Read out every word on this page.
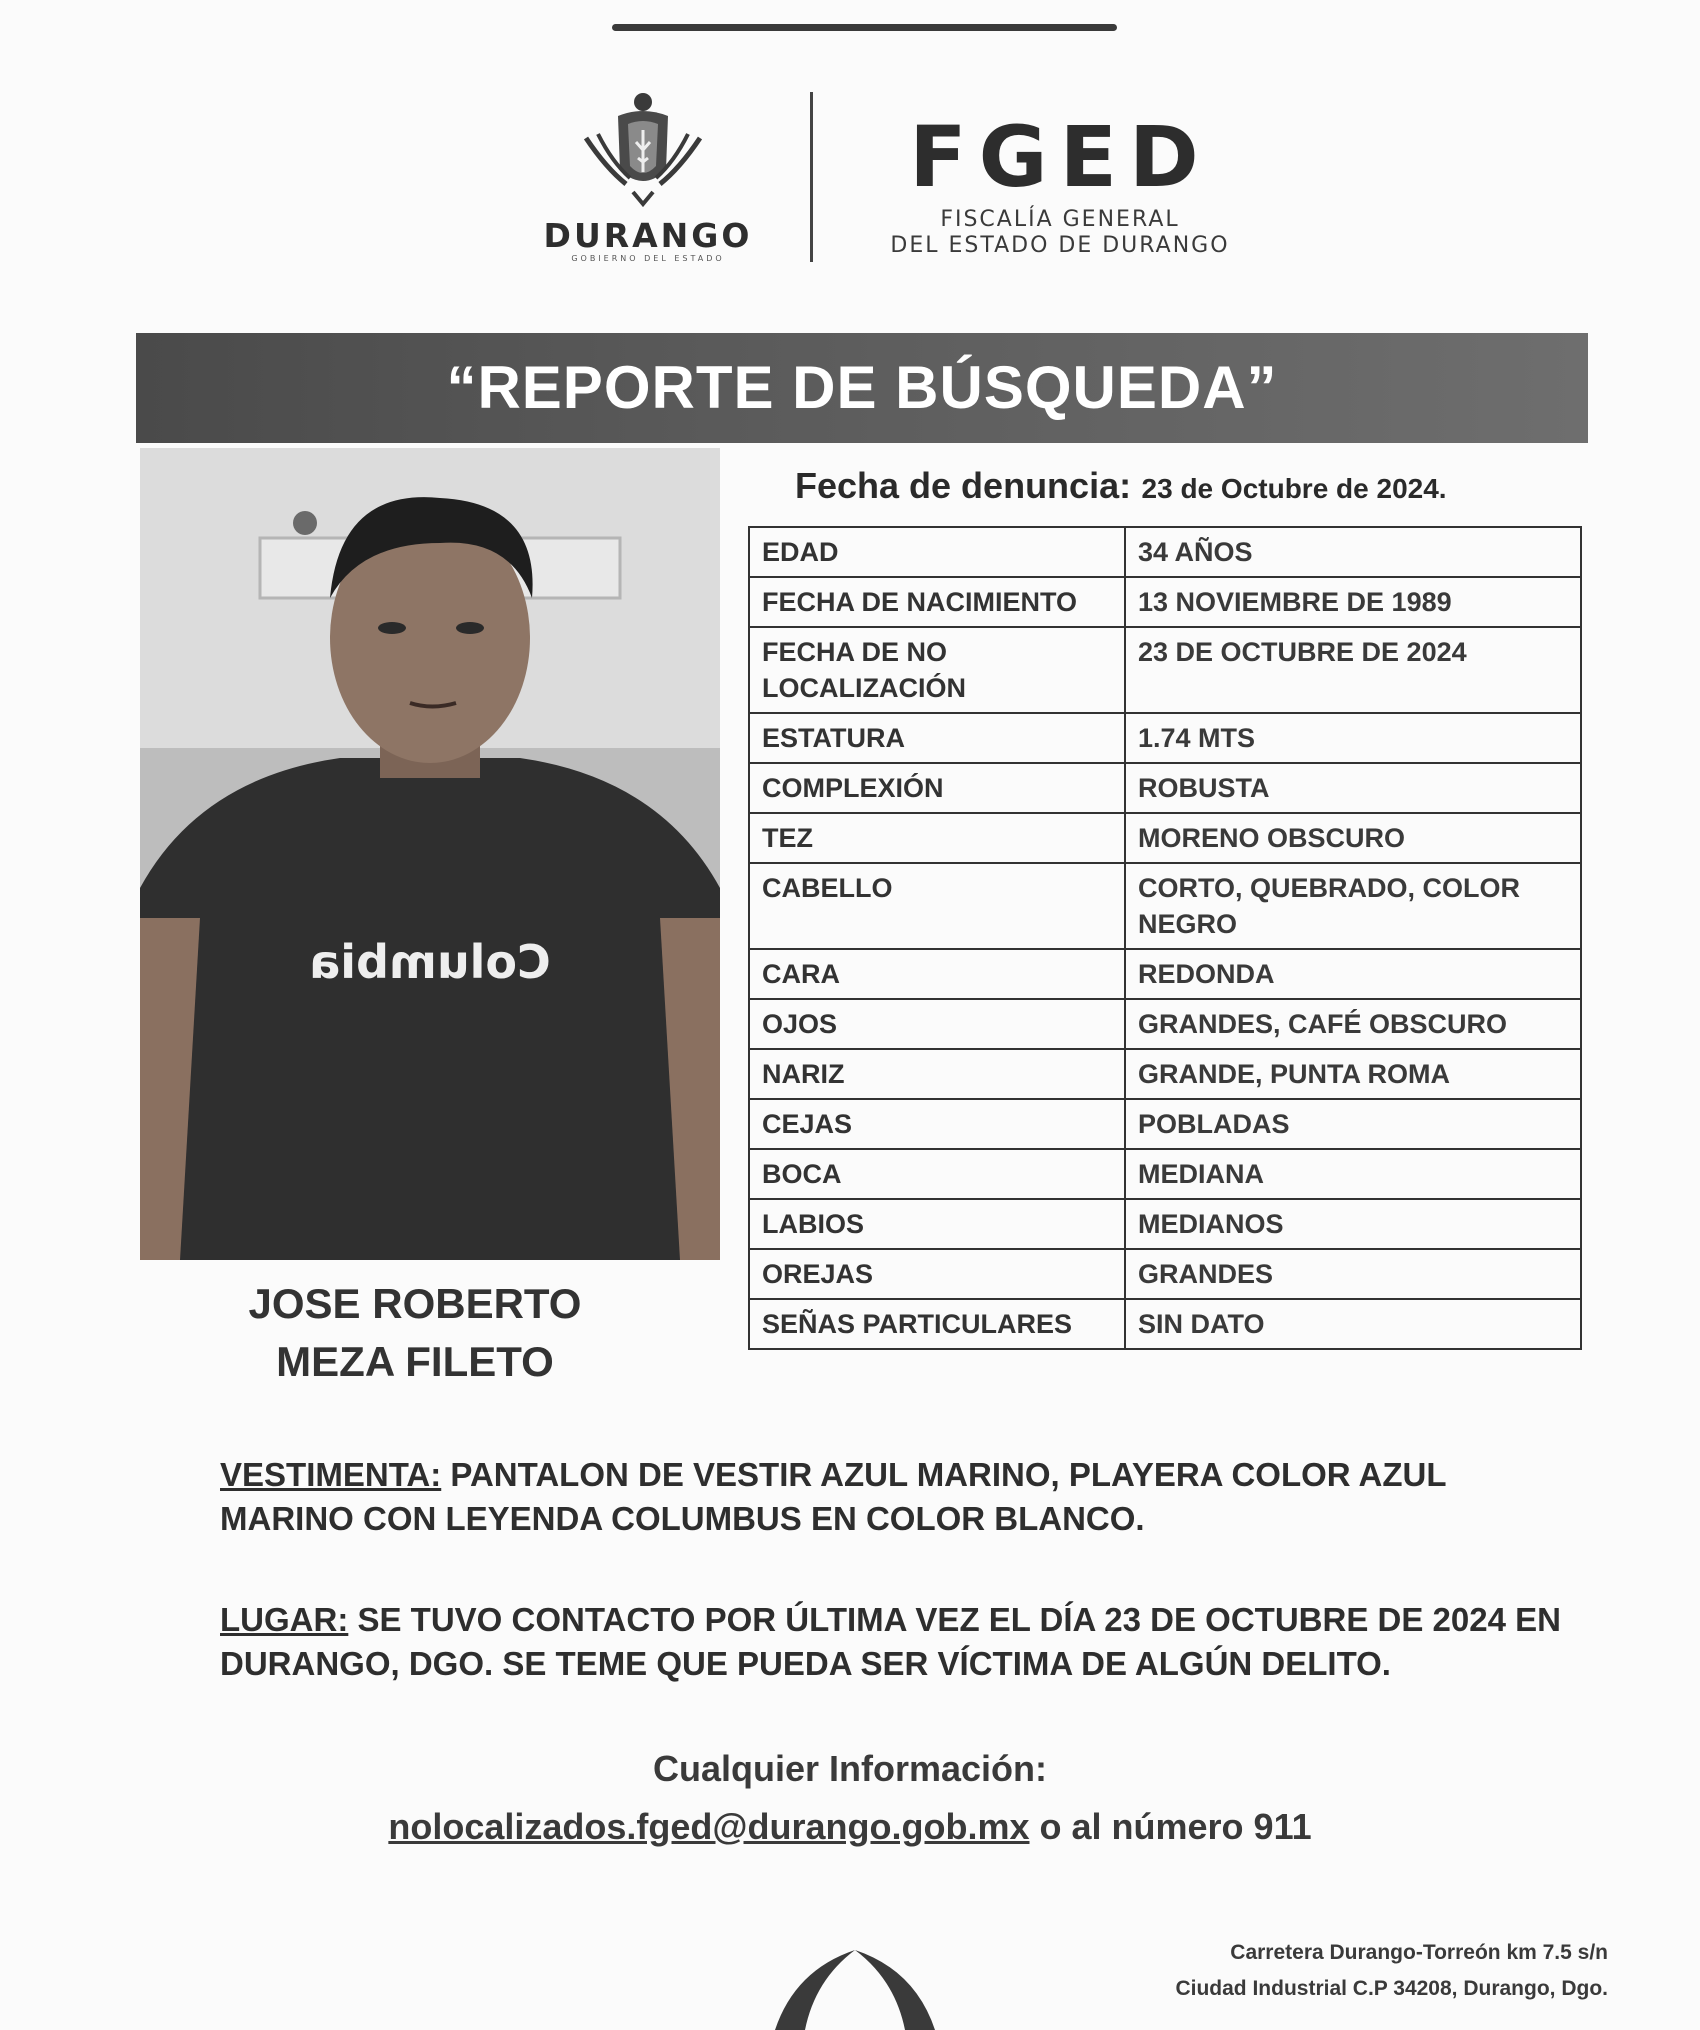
DURANGO
GOBIERNO DEL ESTADO
FGED
FISCALÍA GENERAL
DEL ESTADO DE DURANGO
“REPORTE DE BÚSQUEDA”
Columbia
JOSE ROBERTO
MEZA FILETO
Fecha de denuncia: 23 de Octubre de 2024.
EDAD	34 AÑOS
FECHA DE NACIMIENTO	13 NOVIEMBRE DE 1989
FECHA DE NO LOCALIZACIÓN	23 DE OCTUBRE DE 2024
ESTATURA	1.74 MTS
COMPLEXIÓN	ROBUSTA
TEZ	MORENO OBSCURO
CABELLO	CORTO, QUEBRADO, COLOR NEGRO
CARA	REDONDA
OJOS	GRANDES, CAFÉ OBSCURO
NARIZ	GRANDE, PUNTA ROMA
CEJAS	POBLADAS
BOCA	MEDIANA
LABIOS	MEDIANOS
OREJAS	GRANDES
SEÑAS PARTICULARES	SIN DATO
VESTIMENTA: PANTALON DE VESTIR AZUL MARINO, PLAYERA COLOR AZUL MARINO CON LEYENDA COLUMBUS EN COLOR BLANCO.
LUGAR: SE TUVO CONTACTO POR ÚLTIMA VEZ EL DÍA 23 DE OCTUBRE DE 2024 EN DURANGO, DGO. SE TEME QUE PUEDA SER VÍCTIMA DE ALGÚN DELITO.
Cualquier Información:
nolocalizados.fged@durango.gob.mx o al número 911
Carretera Durango-Torreón km 7.5 s/n
Ciudad Industrial C.P 34208, Durango, Dgo.
